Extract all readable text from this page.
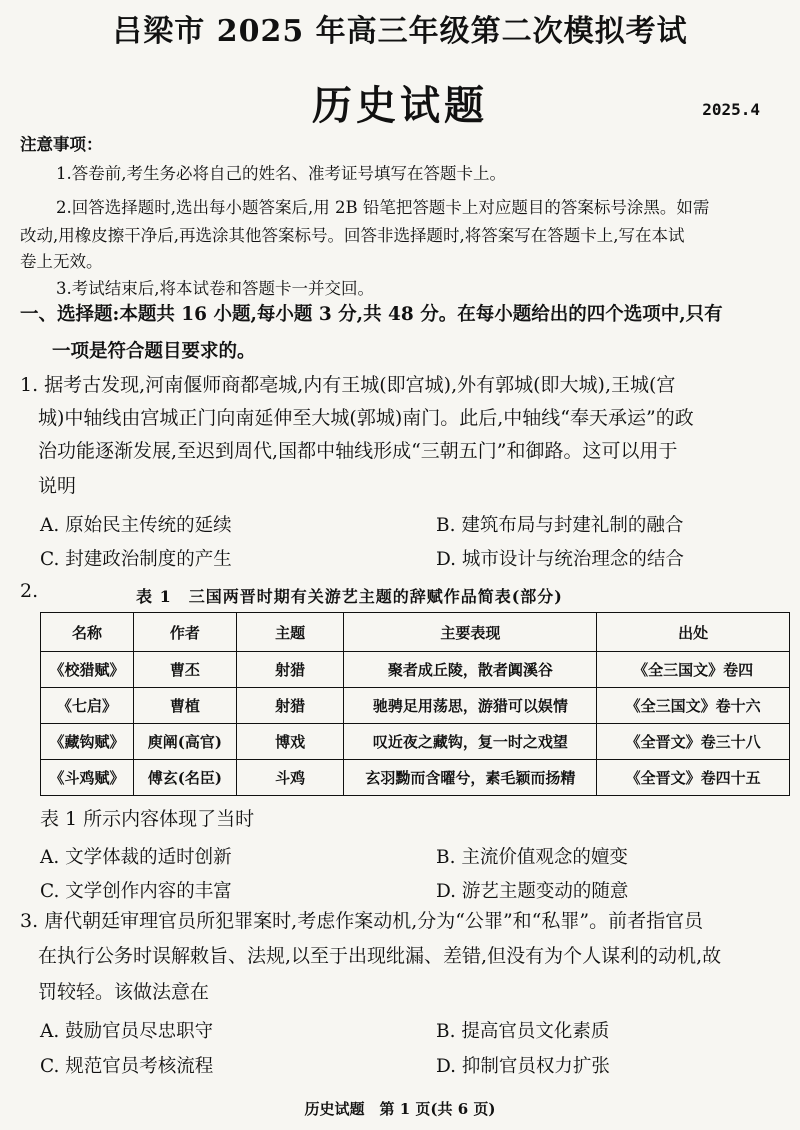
吕梁市 2025 年高三年级第二次模拟考试
历史试题	2025.4
注意事项：
1.答卷前,考生务必将自己的姓名、准考证号填写在答题卡上。
2.回答选择题时,选出每小题答案后,用 2B 铅笔把答题卡上对应题目的答案标号涂黑。如需
改动,用橡皮擦干净后,再选涂其他答案标号。回答非选择题时,将答案写在答题卡上,写在本试
卷上无效。
3.考试结束后,将本试卷和答题卡一并交回。
一、选择题:本题共 16 小题,每小题 3 分,共 48 分。在每小题给出的四个选项中,只有
一项是符合题目要求的。
1. 据考古发现,河南偃师商都亳城,内有王城(即宫城),外有郭城(即大城),王城(宫
城)中轴线由宫城正门向南延伸至大城(郭城)南门。此后,中轴线“奉天承运”的政
治功能逐渐发展,至迟到周代,国都中轴线形成“三朝五门”和御路。这可以用于
说明
A. 原始民主传统的延续	B. 建筑布局与封建礼制的融合
C. 封建政治制度的产生	D. 城市设计与统治理念的结合
2.	表 1　三国两晋时期有关游艺主题的辞赋作品简表(部分)
名称	作者	主题	主要表现	出处
《校猎赋》	曹丕	射猎	聚者成丘陵，散者阗溪谷	《全三国文》卷四
《七启》	曹植	射猎	驰骋足用荡思，游猎可以娱情	《全三国文》卷十六
《藏钩赋》	庾阐(高官)	博戏	叹近夜之藏钩，复一时之戏望	《全晋文》卷三十八
《斗鸡赋》	傅玄(名臣)	斗鸡	玄羽黝而含曜兮，素毛颖而扬精	《全晋文》卷四十五
表 1 所示内容体现了当时
A. 文学体裁的适时创新	B. 主流价值观念的嬗变
C. 文学创作内容的丰富	D. 游艺主题变动的随意
3. 唐代朝廷审理官员所犯罪案时,考虑作案动机,分为“公罪”和“私罪”。前者指官员
在执行公务时误解敕旨、法规,以至于出现纰漏、差错,但没有为个人谋利的动机,故
罚较轻。该做法意在
A. 鼓励官员尽忠职守	B. 提高官员文化素质
C. 规范官员考核流程	D. 抑制官员权力扩张
历史试题　第 1 页(共 6 页)
